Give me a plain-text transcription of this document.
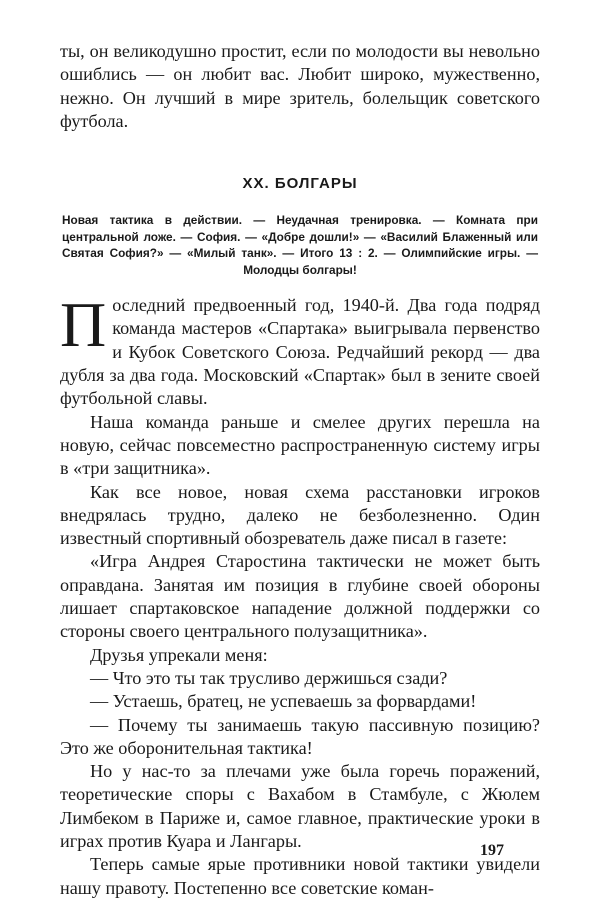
ты, он великодушно простит, если по молодости вы невольно ошиблись — он любит вас. Любит широко, мужественно, нежно. Он лучший в мире зритель, болельщик советского футбола.

XX. БОЛГАРЫ

Новая тактика в действии. — Неудачная тренировка. — Комната при центральной ложе. — София. — «Добре дошли!» — «Василий Блаженный или Святая София?» — «Милый танк». — Итого 13 : 2. — Олимпийские игры. — Молодцы болгары!

Последний предвоенный год, 1940-й. Два года подряд команда мастеров «Спартака» выигрывала первенство и Кубок Советского Союза. Редчайший рекорд — два дубля за два года. Московский «Спартак» был в зените своей футбольной славы.

Наша команда раньше и смелее других перешла на новую, сейчас повсеместно распространенную систему игры в «три защитника».

Как все новое, новая схема расстановки игроков внедрялась трудно, далеко не безболезненно. Один известный спортивный обозреватель даже писал в газете:

«Игра Андрея Старостина тактически не может быть оправдана. Занятая им позиция в глубине своей обороны лишает спартаковское нападение должной поддержки со стороны своего центрального полузащитника».

Друзья упрекали меня:

— Что это ты так трусливо держишься сзади?

— Устаешь, братец, не успеваешь за форвардами!

— Почему ты занимаешь такую пассивную позицию? Это же оборонительная тактика!

Но у нас-то за плечами уже была горечь поражений, теоретические споры с Вахабом в Стамбуле, с Жюлем Лимбеком в Париже и, самое главное, практические уроки в играх против Куара и Лангары.

Теперь самые ярые противники новой тактики увидели нашу правоту. Постепенно все советские коман-

197
